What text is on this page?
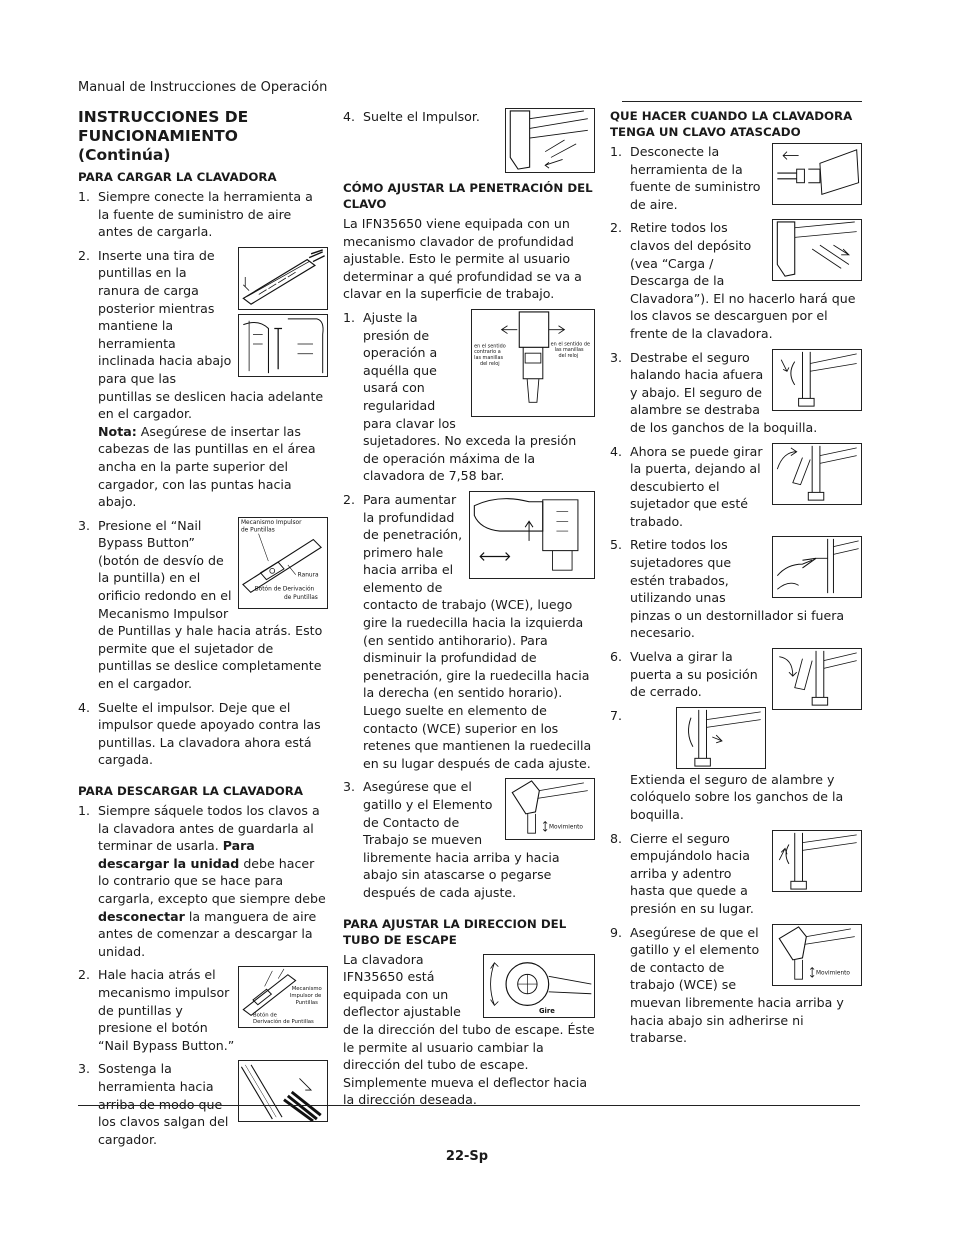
Manual de Instrucciones de Operación
INSTRUCCIONES DE FUNCIONAMIENTO (Continúa)
PARA CARGAR LA CLAVADORA
1. Siempre conecte la herramienta a la fuente de suministro de aire antes de cargarla.
2. Inserte una tira de puntillas en la ranura de carga posterior mientras mantiene la herramienta inclinada hacia abajo para que las puntillas se deslicen hacia adelante en el cargador.
Nota: Asegúrese de insertar las cabezas de las puntillas en el área ancha en la parte superior del cargador, con las puntas hacia abajo.
3.	Mecanismo Impulsor
de Puntillas
Ranura
Botón de Derivación
de Puntillas
Presione el “Nail Bypass Button” (botón de desvío de la puntilla) en el orificio redondo en el Mecanismo Impulsor de Puntillas y hale hacia atrás. Esto permite que el sujetador de puntillas se deslice completamente en el cargador.
4. Suelte el impulsor. Deje que el impulsor quede apoyado contra las puntillas. La clavadora ahora está cargada.
PARA DESCARGAR LA CLAVADORA
1. Siempre sáquele todos los clavos a la clavadora antes de guardarla al terminar de usarla. Para descargar la unidad debe hacer lo contrario que se hace para cargarla, excepto que siempre debe desconectar la manguera de aire antes de comenzar a descargar la unidad.
2.
Mecanismo
Impulsor de
Puntillas
Botón de
Derivación de Puntillas
Hale hacia atrás el mecanismo impulsor de puntillas y presione el botón “Nail Bypass Button.”
3. Sostenga la herramienta hacia arriba de modo que los clavos salgan del cargador.
4. Suelte el Impulsor.
CÓMO AJUSTAR LA PENETRACIÓN DEL CLAVO
La IFN35650 viene equipada con un mecanismo clavador de profundidad ajustable. Esto le permite al usuario determinar a qué profundidad se va a clavar en la superficie de trabajo.
1.
en el sentido
contrario a
las manillas
del reloj
en el sentido de
las manillas
del reloj
Ajuste la presión de operación a aquélla que usará con regularidad para clavar los sujetadores. No exceda la presión de operación máxima de la clavadora de 7,58 bar.
2. Para aumentar la profundidad de penetración, primero hale hacia arriba el elemento de contacto de trabajo (WCE), luego gire la ruedecilla hacia la izquierda (en sentido antihorario). Para disminuir la profundidad de penetración, gire la ruedecilla hacia la derecha (en sentido horario). Luego suelte en elemento de contacto (WCE) superior en los retenes que mantienen la ruedecilla en su lugar después de cada ajuste.
3.
Movimiento
Asegúrese que el gatillo y el Elemento de Contacto de Trabajo se mueven libremente hacia arriba y hacia abajo sin atascarse o pegarse después de cada ajuste.
PARA AJUSTAR LA DIRECCION DEL TUBO DE ESCAPE
Gire
La clavadora IFN35650 está equipada con un deflector ajustable de la dirección del tubo de escape. Éste le permite al usuario cambiar la dirección del tubo de escape. Simplemente mueva el deflector hacia la dirección deseada.
QUE HACER CUANDO LA CLAVADORA TENGA UN CLAVO ATASCADO
1. Desconecte la herramienta de la fuente de suministro de aire.
2. Retire todos los clavos del depósito (vea “Carga / Descarga de la Clavadora”). El no hacerlo hará que los clavos se descarguen por el frente de la clavadora.
3. Destrabe el seguro halando hacia afuera y abajo. El seguro de alambre se destraba de los ganchos de la boquilla.
4. Ahora se puede girar la puerta, dejando al descubierto el sujetador que esté trabado.
5. Retire todos los sujetadores que estén trabados, utilizando unas pinzas o un destornillador si fuera necesario.
6. Vuelva a girar la puerta a su posición de cerrado.
7.
Extienda el seguro de alambre y colóquelo sobre los ganchos de la boquilla.
8. Cierre el seguro empujándolo hacia arriba y adentro hasta que quede a presión en su lugar.
9.
Movimiento
Asegúrese de que el gatillo y el elemento de contacto de trabajo (WCE) se muevan libremente hacia arriba y hacia abajo sin adherirse ni trabarse.
22-Sp
